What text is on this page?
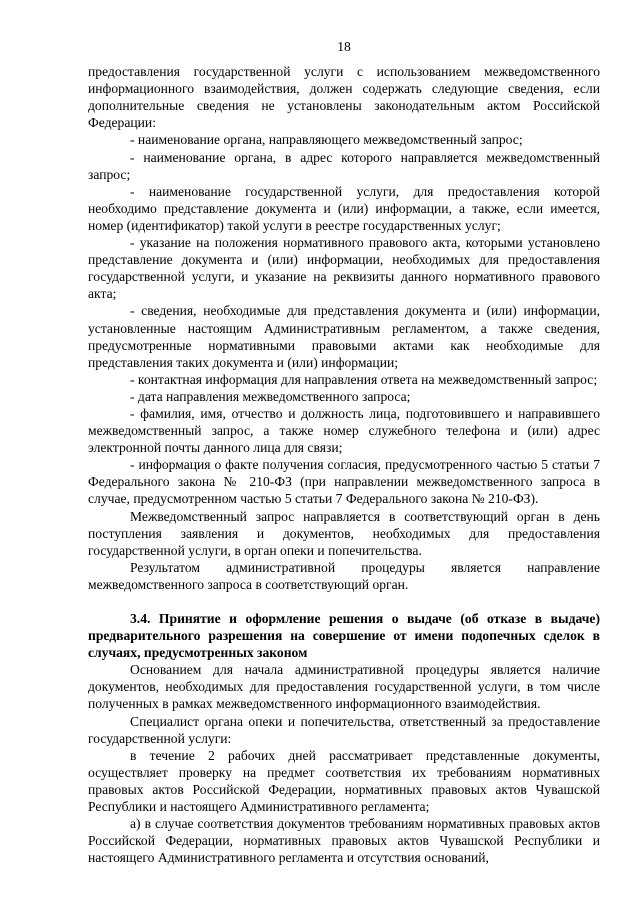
18

предоставления государственной услуги с использованием межведомственного информационного взаимодействия, должен содержать следующие сведения, если дополнительные сведения не установлены законодательным актом Российской Федерации:

- наименование органа, направляющего межведомственный запрос;

- наименование органа, в адрес которого направляется межведомственный запрос;

- наименование государственной услуги, для предоставления которой необходимо представление документа и (или) информации, а также, если имеется, номер (идентификатор) такой услуги в реестре государственных услуг;

- указание на положения нормативного правового акта, которыми установлено представление документа и (или) информации, необходимых для предоставления государственной услуги, и указание на реквизиты данного нормативного правового акта;

- сведения, необходимые для представления документа и (или) информации, установленные настоящим Административным регламентом, а также сведения, предусмотренные нормативными правовыми актами как необходимые для представления таких документа и (или) информации;

- контактная информация для направления ответа на межведомственный запрос;

- дата направления межведомственного запроса;

- фамилия, имя, отчество и должность лица, подготовившего и направившего межведомственный запрос, а также номер служебного телефона и (или) адрес электронной почты данного лица для связи;

- информация о факте получения согласия, предусмотренного частью 5 статьи 7 Федерального закона № 210-ФЗ (при направлении межведомственного запроса в случае, предусмотренном частью 5 статьи 7 Федерального закона № 210-ФЗ).

Межведомственный запрос направляется в соответствующий орган в день поступления заявления и документов, необходимых для предоставления государственной услуги, в орган опеки и попечительства.

Результатом административной процедуры является направление межведомственного запроса в соответствующий орган.

3.4. Принятие и оформление решения о выдаче (об отказе в выдаче) предварительного разрешения на совершение от имени подопечных сделок в случаях, предусмотренных законом

Основанием для начала административной процедуры является наличие документов, необходимых для предоставления государственной услуги, в том числе полученных в рамках межведомственного информационного взаимодействия.

Специалист органа опеки и попечительства, ответственный за предоставление государственной услуги:

в течение 2 рабочих дней рассматривает представленные документы, осуществляет проверку на предмет соответствия их требованиям нормативных правовых актов Российской Федерации, нормативных правовых актов Чувашской Республики и настоящего Административного регламента;

а) в случае соответствия документов требованиям нормативных правовых актов Российской Федерации, нормативных правовых актов Чувашской Республики и настоящего Административного регламента и отсутствия оснований,
